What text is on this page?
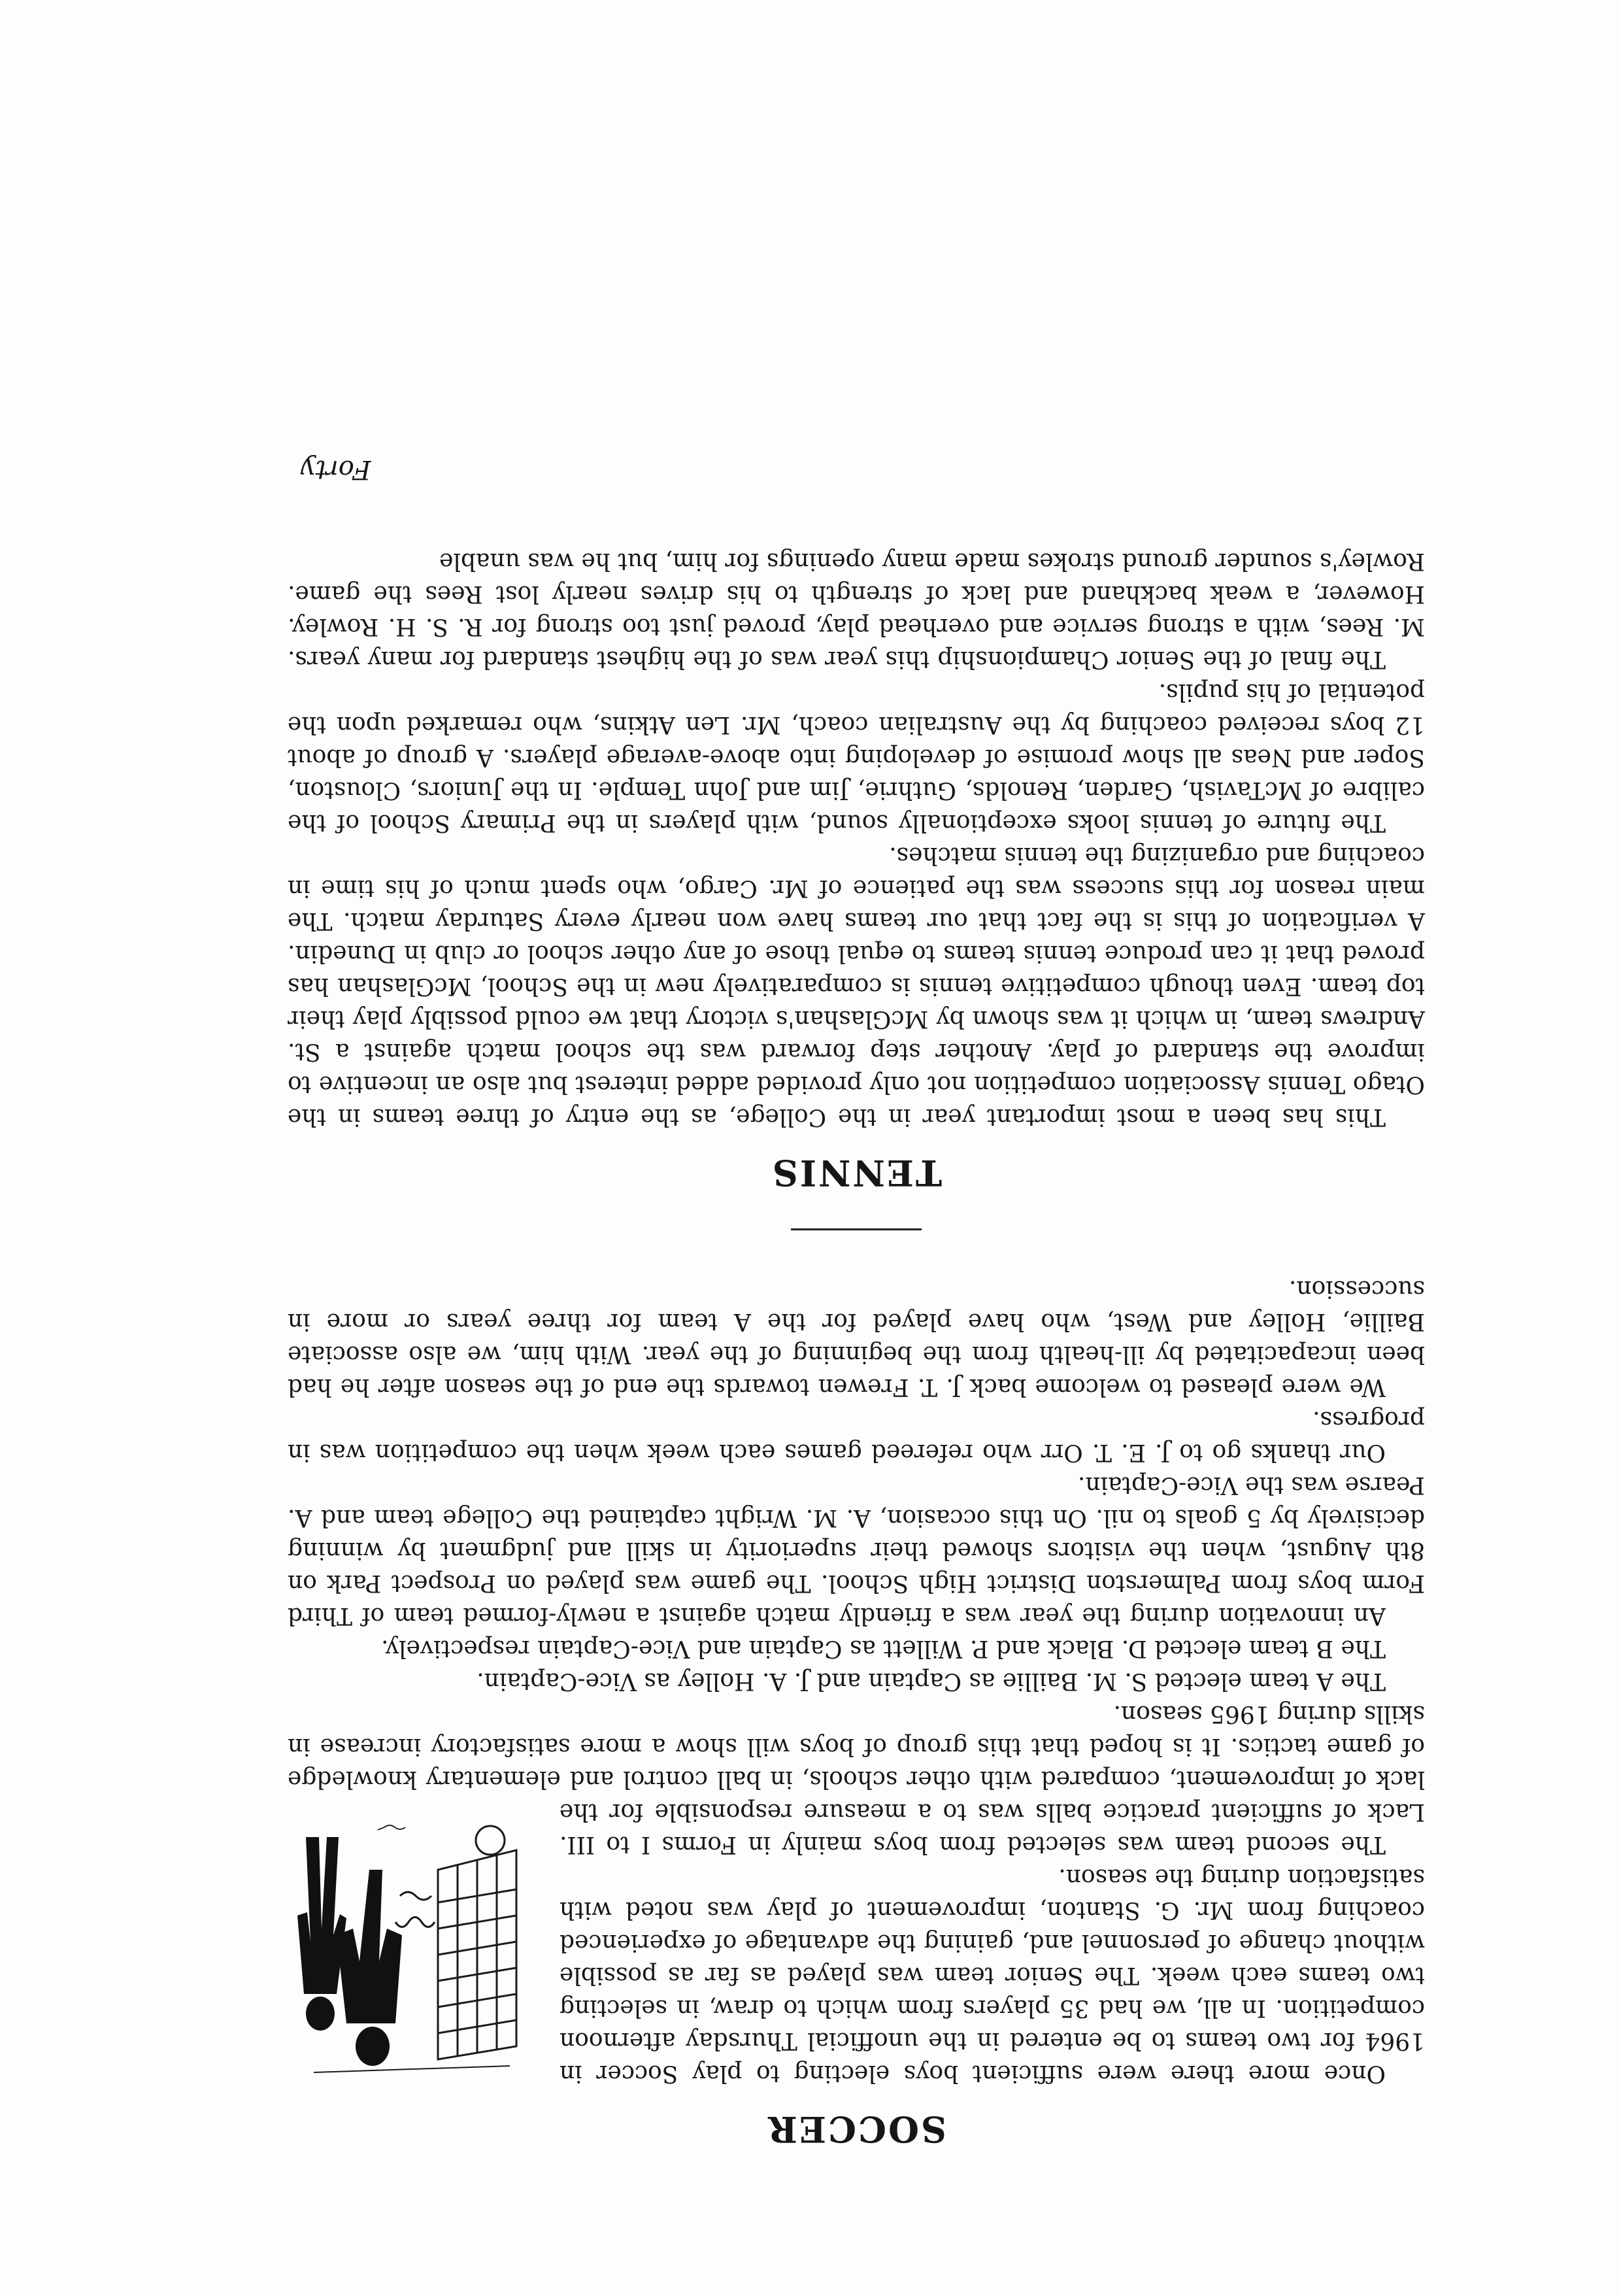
SOCCER

Once more there were sufficient boys electing to play Soccer in 1964 for two teams to be entered in the unofficial Thursday afternoon competition. In all, we had 35 players from which to draw, in selecting two teams each week. The Senior team was played as far as possible without change of personnel and, gaining the advantage of experienced coaching from Mr. G. Stanton, improvement of play was noted with satisfaction during the season.

The second team was selected from boys mainly in Forms I to III. Lack of sufficient practice balls was to a measure responsible for the lack of improvement, compared with other schools, in ball control and elementary knowledge of game tactics. It is hoped that this group of boys will show a more satisfactory increase in skills during 1965 season.

The A team elected S. M. Baillie as Captain and J. A. Holley as Vice-Captain.

The B team elected D. Black and P. Willett as Captain and Vice-Captain respectively.

An innovation during the year was a friendly match against a newly-formed team of Third Form boys from Palmerston District High School. The game was played on Prospect Park on 8th August, when the visitors showed their superiority in skill and judgment by winning decisively by 5 goals to nil. On this occasion, A. M. Wright captained the College team and A. Pearse was the Vice-Captain.

Our thanks go to J. E. T. Orr who refereed games each week when the competition was in progress.

We were pleased to welcome back J. T. Frewen towards the end of the season after he had been incapacitated by ill-health from the beginning of the year. With him, we also associate Baillie, Holley and West, who have played for the A team for three years or more in succession.

TENNIS

This has been a most important year in the College, as the entry of three teams in the Otago Tennis Association competition not only provided added interest but also an incentive to improve the standard of play. Another step forward was the school match against a St. Andrews team, in which it was shown by McGlashan's victory that we could possibly play their top team. Even though competitive tennis is comparatively new in the School, McGlashan has proved that it can produce tennis teams to equal those of any other school or club in Dunedin. A verification of this is the fact that our teams have won nearly every Saturday match. The main reason for this success was the patience of Mr. Cargo, who spent much of his time in coaching and organizing the tennis matches.

The future of tennis looks exceptionally sound, with players in the Primary School of the calibre of McTavish, Garden, Renolds, Guthrie, Jim and John Temple. In the Juniors, Clouston, Soper and Neas all show promise of developing into above-average players. A group of about 12 boys received coaching by the Australian coach, Mr. Len Atkins, who remarked upon the potential of his pupils.

The final of the Senior Championship this year was of the highest standard for many years. M. Rees, with a strong service and overhead play, proved just too strong for R. S. H. Rowley. However, a weak backhand and lack of strength to his drives nearly lost Rees the game. Rowley's sounder ground strokes made many openings for him, but he was unable

Forty
